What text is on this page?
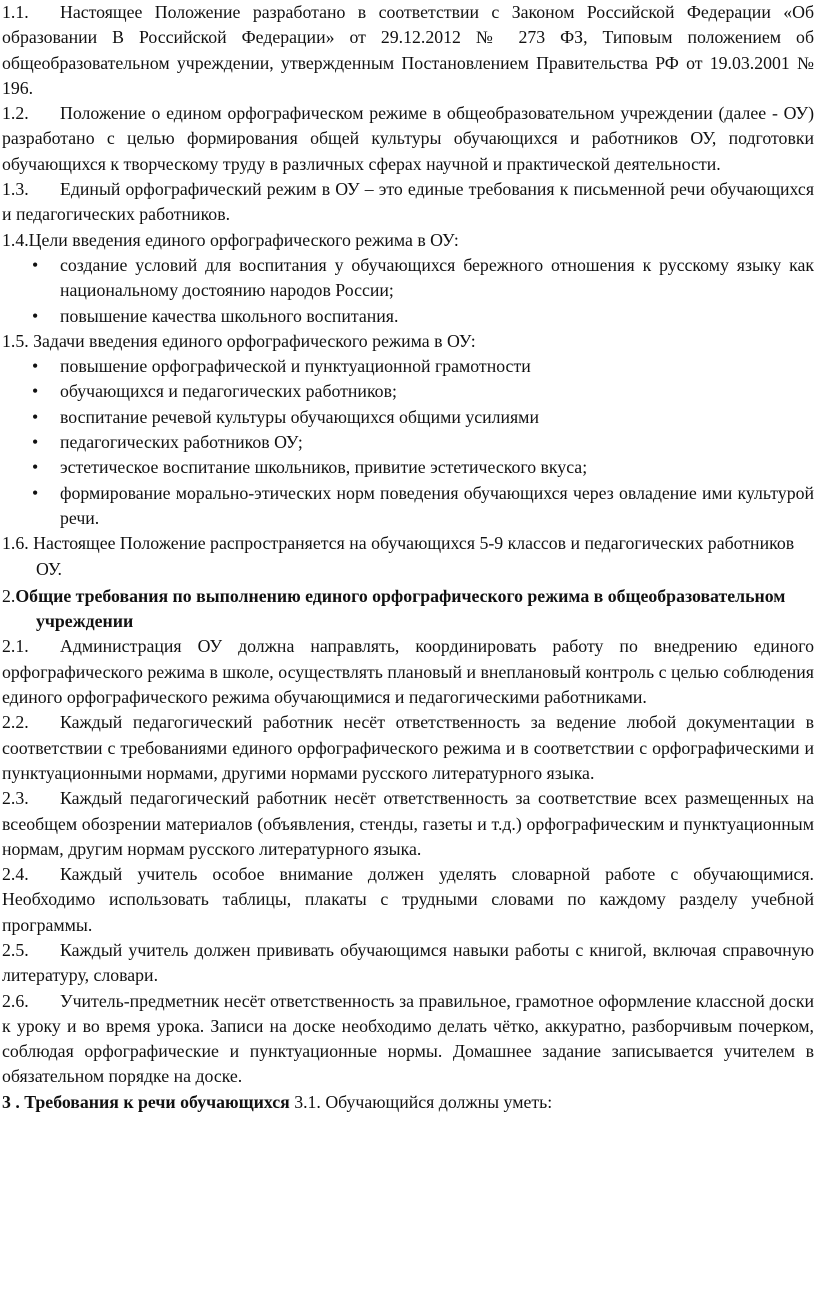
1.1. Настоящее Положение разработано в соответствии с Законом Российской Федерации «Об образовании В Российской Федерации» от 29.12.2012 № 273 ФЗ, Типовым положением об общеобразовательном учреждении, утвержденным Постановлением Правительства РФ от 19.03.2001 № 196.

1.2. Положение о едином орфографическом режиме в общеобразовательном учреждении (далее - ОУ) разработано с целью формирования общей культуры обучающихся и работников ОУ, подготовки обучающихся к творческому труду в различных сферах научной и практической деятельности.

1.3. Единый орфографический режим в ОУ – это единые требования к письменной речи обучающихся и педагогических работников.

1.4.Цели введения единого орфографического режима в ОУ:

• создание условий для воспитания у обучающихся бережного отношения к русскому языку как национальному достоянию народов России;
• повышение качества школьного воспитания.

1.5. Задачи введения единого орфографического режима в ОУ:

• повышение орфографической и пунктуационной грамотности
• обучающихся и педагогических работников;
• воспитание речевой культуры обучающихся общими усилиями
• педагогических работников ОУ;
• эстетическое воспитание школьников, привитие эстетического вкуса;
• формирование морально-этических норм поведения обучающихся через овладение ими культурой речи.

1.6. Настоящее Положение распространяется на обучающихся 5-9 классов и педагогических работников ОУ.

2.Общие требования по выполнению единого орфографического режима в общеобразовательном учреждении

2.1. Администрация ОУ должна направлять, координировать работу по внедрению единого орфографического режима в школе, осуществлять плановый и внеплановый контроль с целью соблюдения единого орфографического режима обучающимися и педагогическими работниками.

2.2. Каждый педагогический работник несёт ответственность за ведение любой документации в соответствии с требованиями единого орфографического режима и в соответствии с орфографическими и пунктуационными нормами, другими нормами русского литературного языка.

2.3. Каждый педагогический работник несёт ответственность за соответствие всех размещенных на всеобщем обозрении материалов (объявления, стенды, газеты и т.д.) орфографическим и пунктуационным нормам, другим нормам русского литературного языка.

2.4. Каждый учитель особое внимание должен уделять словарной работе с обучающимися. Необходимо использовать таблицы, плакаты с трудными словами по каждому разделу учебной программы.

2.5. Каждый учитель должен прививать обучающимся навыки работы с книгой, включая справочную литературу, словари.

2.6. Учитель-предметник несёт ответственность за правильное, грамотное оформление классной доски к уроку и во время урока. Записи на доске необходимо делать чётко, аккуратно, разборчивым почерком, соблюдая орфографические и пунктуационные нормы. Домашнее задание записывается учителем в обязательном порядке на доске.

3 . Требования к речи обучающихся 3.1. Обучающийся должны уметь:
